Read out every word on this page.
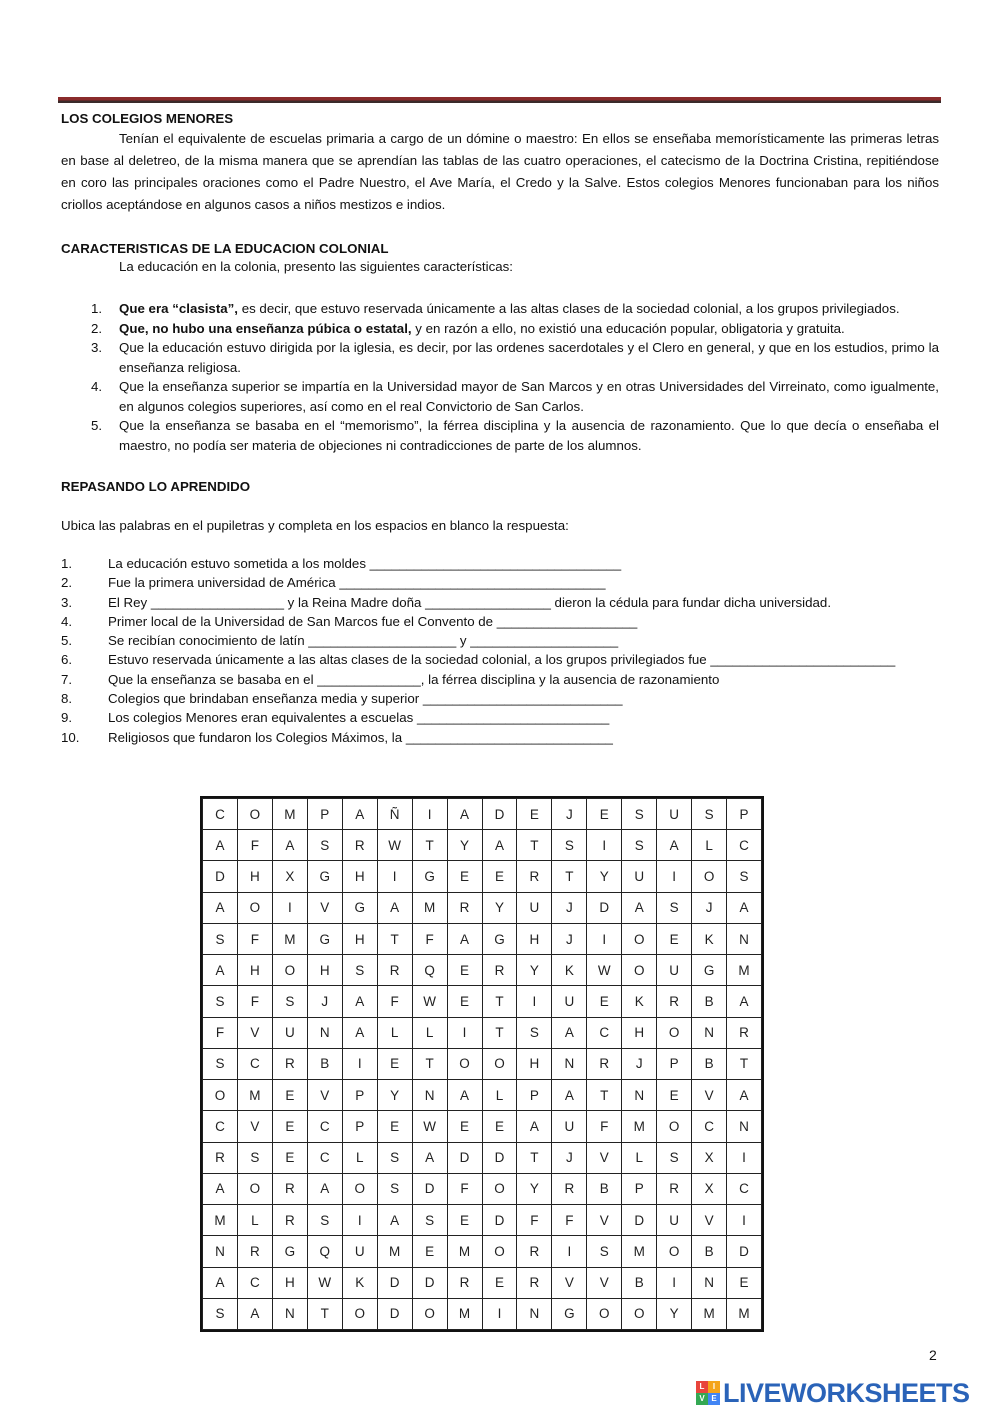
LOS COLEGIOS MENORES

Tenían el equivalente de escuelas primaria a cargo de un dómine o maestro: En ellos se enseñaba memorísticamente las primeras letras en base al deletreo, de la misma manera que se aprendían las tablas de las cuatro operaciones, el catecismo de la Doctrina Cristina, repitiéndose en coro las principales oraciones como el Padre Nuestro, el Ave María, el Credo y la Salve. Estos colegios Menores funcionaban para los niños criollos aceptándose en algunos casos a niños mestizos e indios.

CARACTERISTICAS DE LA EDUCACION COLONIAL

La educación en la colonia, presento las siguientes características:

1. Que era “clasista”, es decir, que estuvo reservada únicamente a las altas clases de la sociedad colonial, a los grupos privilegiados.
2. Que, no hubo una enseñanza púbica o estatal, y en razón a ello, no existió una educación popular, obligatoria y gratuita.
3. Que la educación estuvo dirigida por la iglesia, es decir, por las ordenes sacerdotales y el Clero en general, y que en los estudios, primo la enseñanza religiosa.
4. Que la enseñanza superior se impartía en la Universidad mayor de San Marcos y en otras Universidades del Virreinato, como igualmente, en algunos colegios superiores, así como en el real Convictorio de San Carlos.
5. Que la enseñanza se basaba en el “memorismo”, la férrea disciplina y la ausencia de razonamiento. Que lo que decía o enseñaba el maestro, no podía ser materia de objeciones ni contradicciones de parte de los alumnos.
REPASANDO LO APRENDIDO
Ubica las palabras en el pupiletras y completa en los espacios en blanco la respuesta:
1.	La educación estuvo sometida a los moldes __________________________________
2.	Fue la primera universidad de América ____________________________________
3.	El Rey __________________ y la Reina Madre doña _________________ dieron la cédula para fundar dicha universidad.
4.	Primer local de la Universidad de San Marcos fue el Convento de ___________________
5.	Se recibían conocimiento de latín ____________________ y ____________________
6.	Estuvo reservada únicamente a las altas clases de la sociedad colonial, a los grupos privilegiados fue _________________________
7.	Que la enseñanza se basaba en el ______________, la férrea disciplina y la ausencia de razonamiento
8.	Colegios que brindaban enseñanza media y superior ___________________________
9.	Los colegios Menores eran equivalentes a escuelas __________________________
10. Religiosos que fundaron los Colegios Máximos, la ____________________________
C	O	M	P	A	Ñ	I	A	D	E	J	E	S	U	S	P
A	F	A	S	R	W	T	Y	A	T	S	I	S	A	L	C
D	H	X	G	H	I	G	E	E	R	T	Y	U	I	O	S
A	O	I	V	G	A	M	R	Y	U	J	D	A	S	J	A
S	F	M	G	H	T	F	A	G	H	J	I	O	E	K	N
A	H	O	H	S	R	Q	E	R	Y	K	W	O	U	G	M
S	F	S	J	A	F	W	E	T	I	U	E	K	R	B	A
F	V	U	N	A	L	L	I	T	S	A	C	H	O	N	R
S	C	R	B	I	E	T	O	O	H	N	R	J	P	B	T
O	M	E	V	P	Y	N	A	L	P	A	T	N	E	V	A
C	V	E	C	P	E	W	E	E	A	U	F	M	O	C	N
R	S	E	C	L	S	A	D	D	T	J	V	L	S	X	I
A	O	R	A	O	S	D	F	O	Y	R	B	P	R	X	C
M	L	R	S	I	A	S	E	D	F	F	V	D	U	V	I
N	R	G	Q	U	M	E	M	O	R	I	S	M	O	B	D
A	C	H	W	K	D	D	R	E	R	V	V	B	I	N	E
S	A	N	T	O	D	O	M	I	N	G	O	O	Y	M	M
2
L	I
V E LIVEWORKSHEETS
